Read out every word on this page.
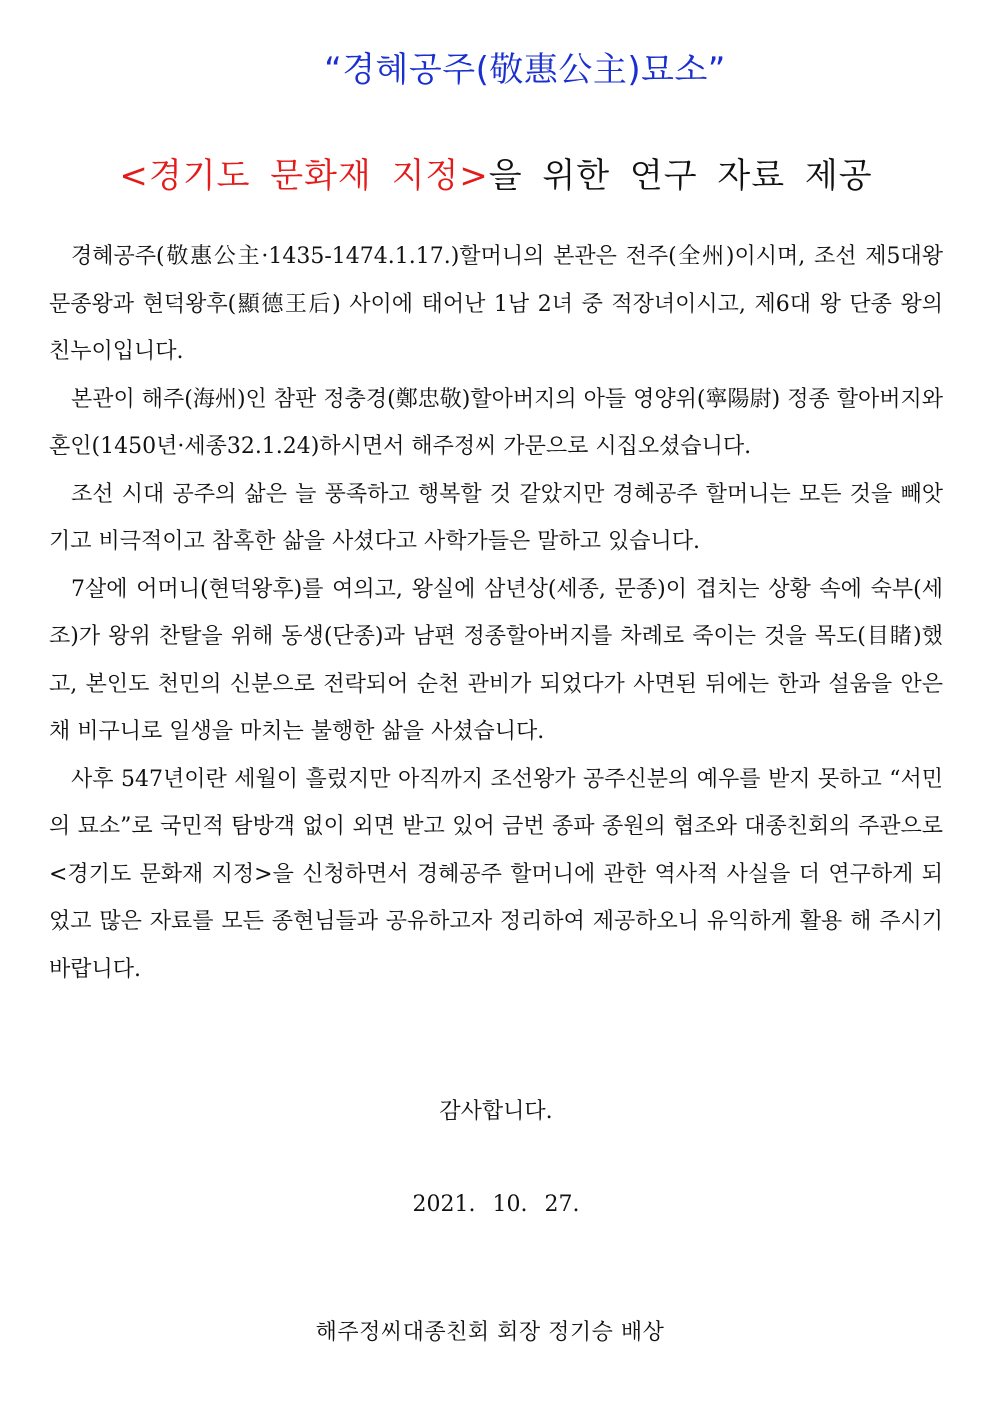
“경혜공주(敬惠公主)묘소”
<경기도 문화재 지정>을 위한 연구 자료 제공

경혜공주(敬惠公主·1435-1474.1.17.)할머니의 본관은 전주(全州)이시며, 조선 제5대왕 문종왕과 현덕왕후(顯德王后) 사이에 태어난 1남 2녀 중 적장녀이시고, 제6대 왕 단종 왕의 친누이입니다.

본관이 해주(海州)인 참판 정충경(鄭忠敬)할아버지의 아들 영양위(寧陽尉) 정종 할아버지와 혼인(1450년·세종32.1.24)하시면서 해주정씨 가문으로 시집오셨습니다.

조선 시대 공주의 삶은 늘 풍족하고 행복할 것 같았지만 경혜공주 할머니는 모든 것을 빼앗기고 비극적이고 참혹한 삶을 사셨다고 사학가들은 말하고 있습니다.

7살에 어머니(현덕왕후)를 여의고, 왕실에 삼년상(세종, 문종)이 겹치는 상황 속에 숙부(세조)가 왕위 찬탈을 위해 동생(단종)과 남편 정종할아버지를 차례로 죽이는 것을 목도(目睹)했고, 본인도 천민의 신분으로 전락되어 순천 관비가 되었다가 사면된 뒤에는 한과 설움을 안은 채 비구니로 일생을 마치는 불행한 삶을 사셨습니다.

사후 547년이란 세월이 흘렀지만 아직까지 조선왕가 공주신분의 예우를 받지 못하고 “서민의 묘소”로 국민적 탐방객 없이 외면 받고 있어 금번 종파 종원의 협조와 대종친회의 주관으로 <경기도 문화재 지정>을 신청하면서 경혜공주 할머니에 관한 역사적 사실을 더 연구하게 되었고 많은 자료를 모든 종현님들과 공유하고자 정리하여 제공하오니 유익하게 활용 해 주시기 바랍니다.

감사합니다.
2021. 10. 27.
해주정씨대종친회 회장 정기승 배상
